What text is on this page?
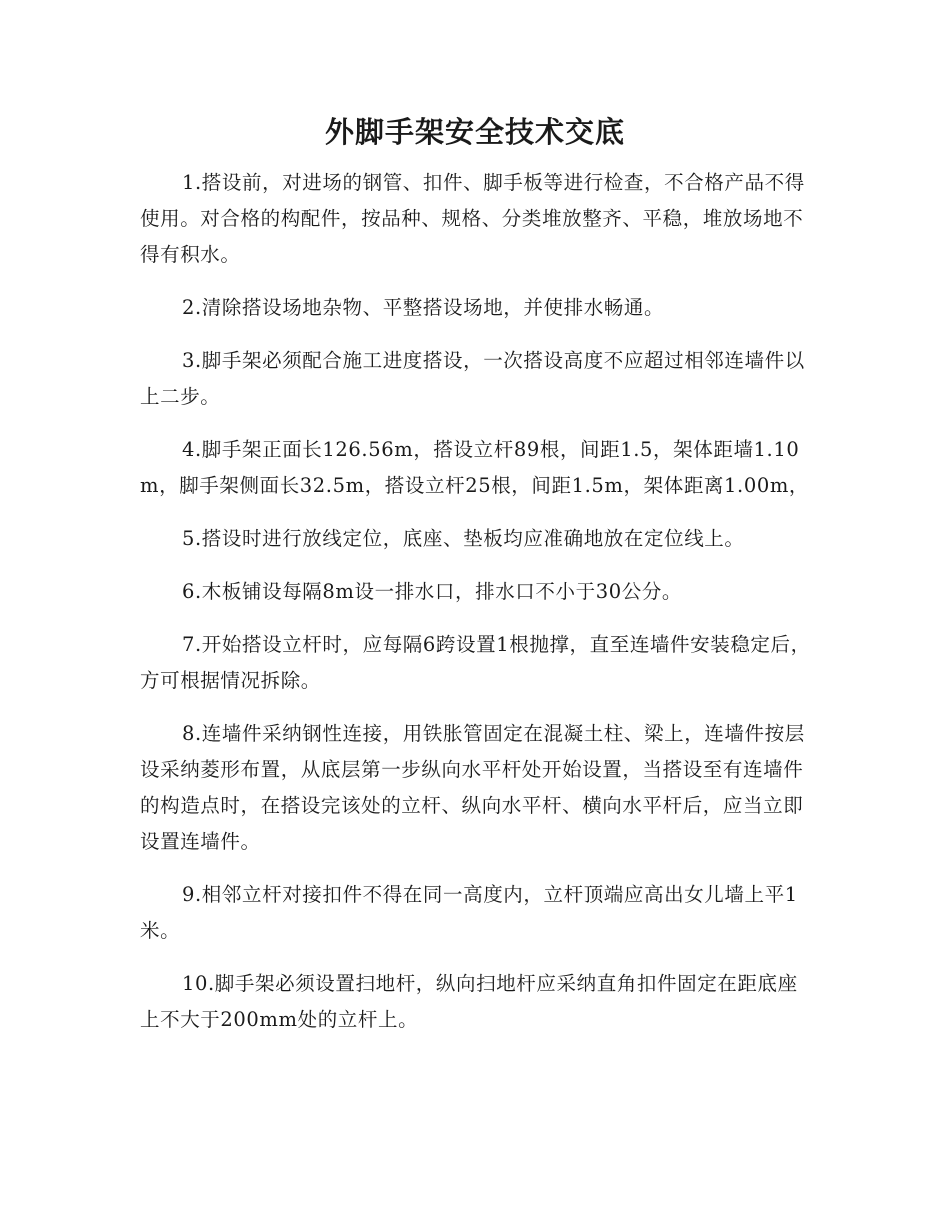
外脚手架安全技术交底

1.搭设前，对进场的钢管、扣件、脚手板等进行检查，不合格产品不得使用。对合格的构配件，按品种、规格、分类堆放整齐、平稳，堆放场地不得有积水。

2.清除搭设场地杂物、平整搭设场地，并使排水畅通。

3.脚手架必须配合施工进度搭设，一次搭设高度不应超过相邻连墙件以上二步。

4.脚手架正面长126.56m，搭设立杆89根，间距1.5，架体距墙1.10m，脚手架侧面长32.5m，搭设立杆25根，间距1.5m，架体距离1.00m，

5.搭设时进行放线定位，底座、垫板均应准确地放在定位线上。

6.木板铺设每隔8m设一排水口，排水口不小于30公分。

7.开始搭设立杆时，应每隔6跨设置1根抛撑，直至连墙件安装稳定后，方可根据情况拆除。

8.连墙件采纳钢性连接，用铁胀管固定在混凝土柱、梁上，连墙件按层设采纳菱形布置，从底层第一步纵向水平杆处开始设置，当搭设至有连墙件的构造点时，在搭设完该处的立杆、纵向水平杆、横向水平杆后，应当立即设置连墙件。

9.相邻立杆对接扣件不得在同一高度内，立杆顶端应高出女儿墙上平1米。

10.脚手架必须设置扫地杆，纵向扫地杆应采纳直角扣件固定在距底座上不大于200mm处的立杆上。
